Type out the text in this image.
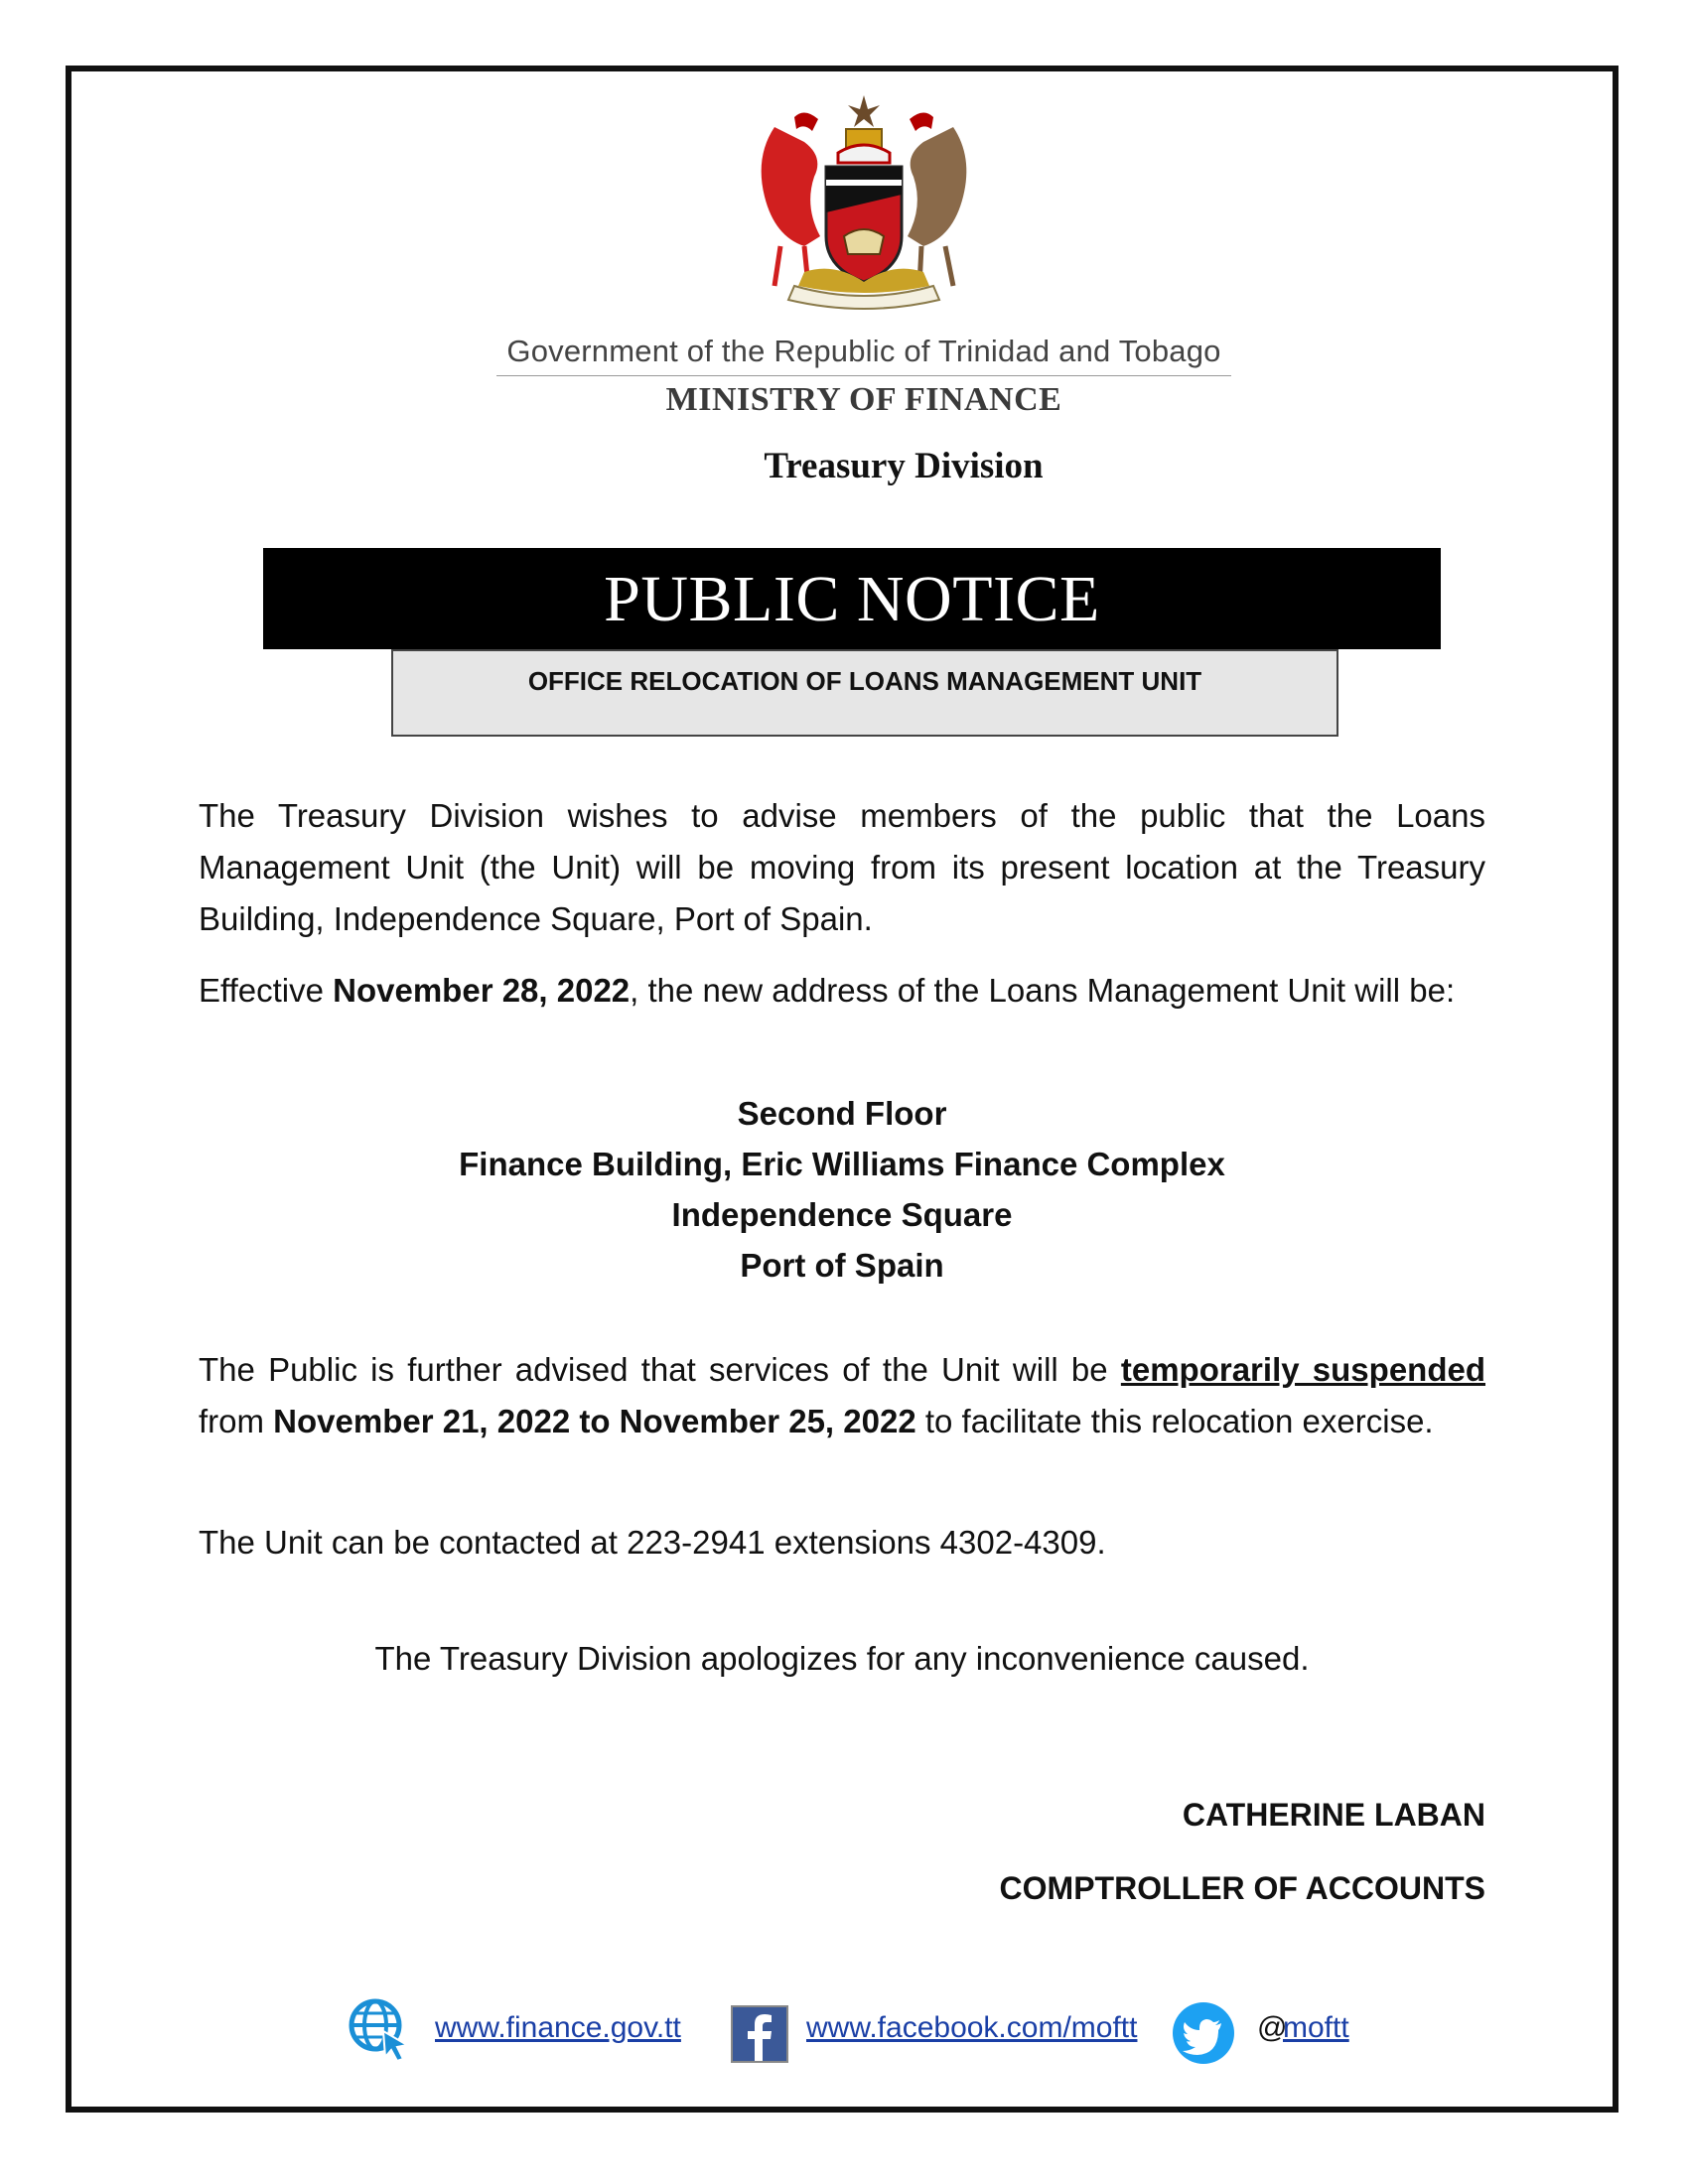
Government of the Republic of Trinidad and Tobago
MINISTRY OF FINANCE
Treasury Division
PUBLIC NOTICE
OFFICE RELOCATION OF LOANS MANAGEMENT UNIT
The Treasury Division wishes to advise members of the public that the Loans Management Unit (the Unit) will be moving from its present location at the Treasury Building, Independence Square, Port of Spain.
Effective November 28, 2022, the new address of the Loans Management Unit will be:
Second Floor
Finance Building, Eric Williams Finance Complex
Independence Square
Port of Spain
The Public is further advised that services of the Unit will be temporarily suspended from November 21, 2022 to November 25, 2022 to facilitate this relocation exercise.
The Unit can be contacted at 223-2941 extensions 4302-4309.
The Treasury Division apologizes for any inconvenience caused.
CATHERINE LABAN
COMPTROLLER OF ACCOUNTS
www.finance.gov.tt	www.facebook.com/moftt	@
moftt
